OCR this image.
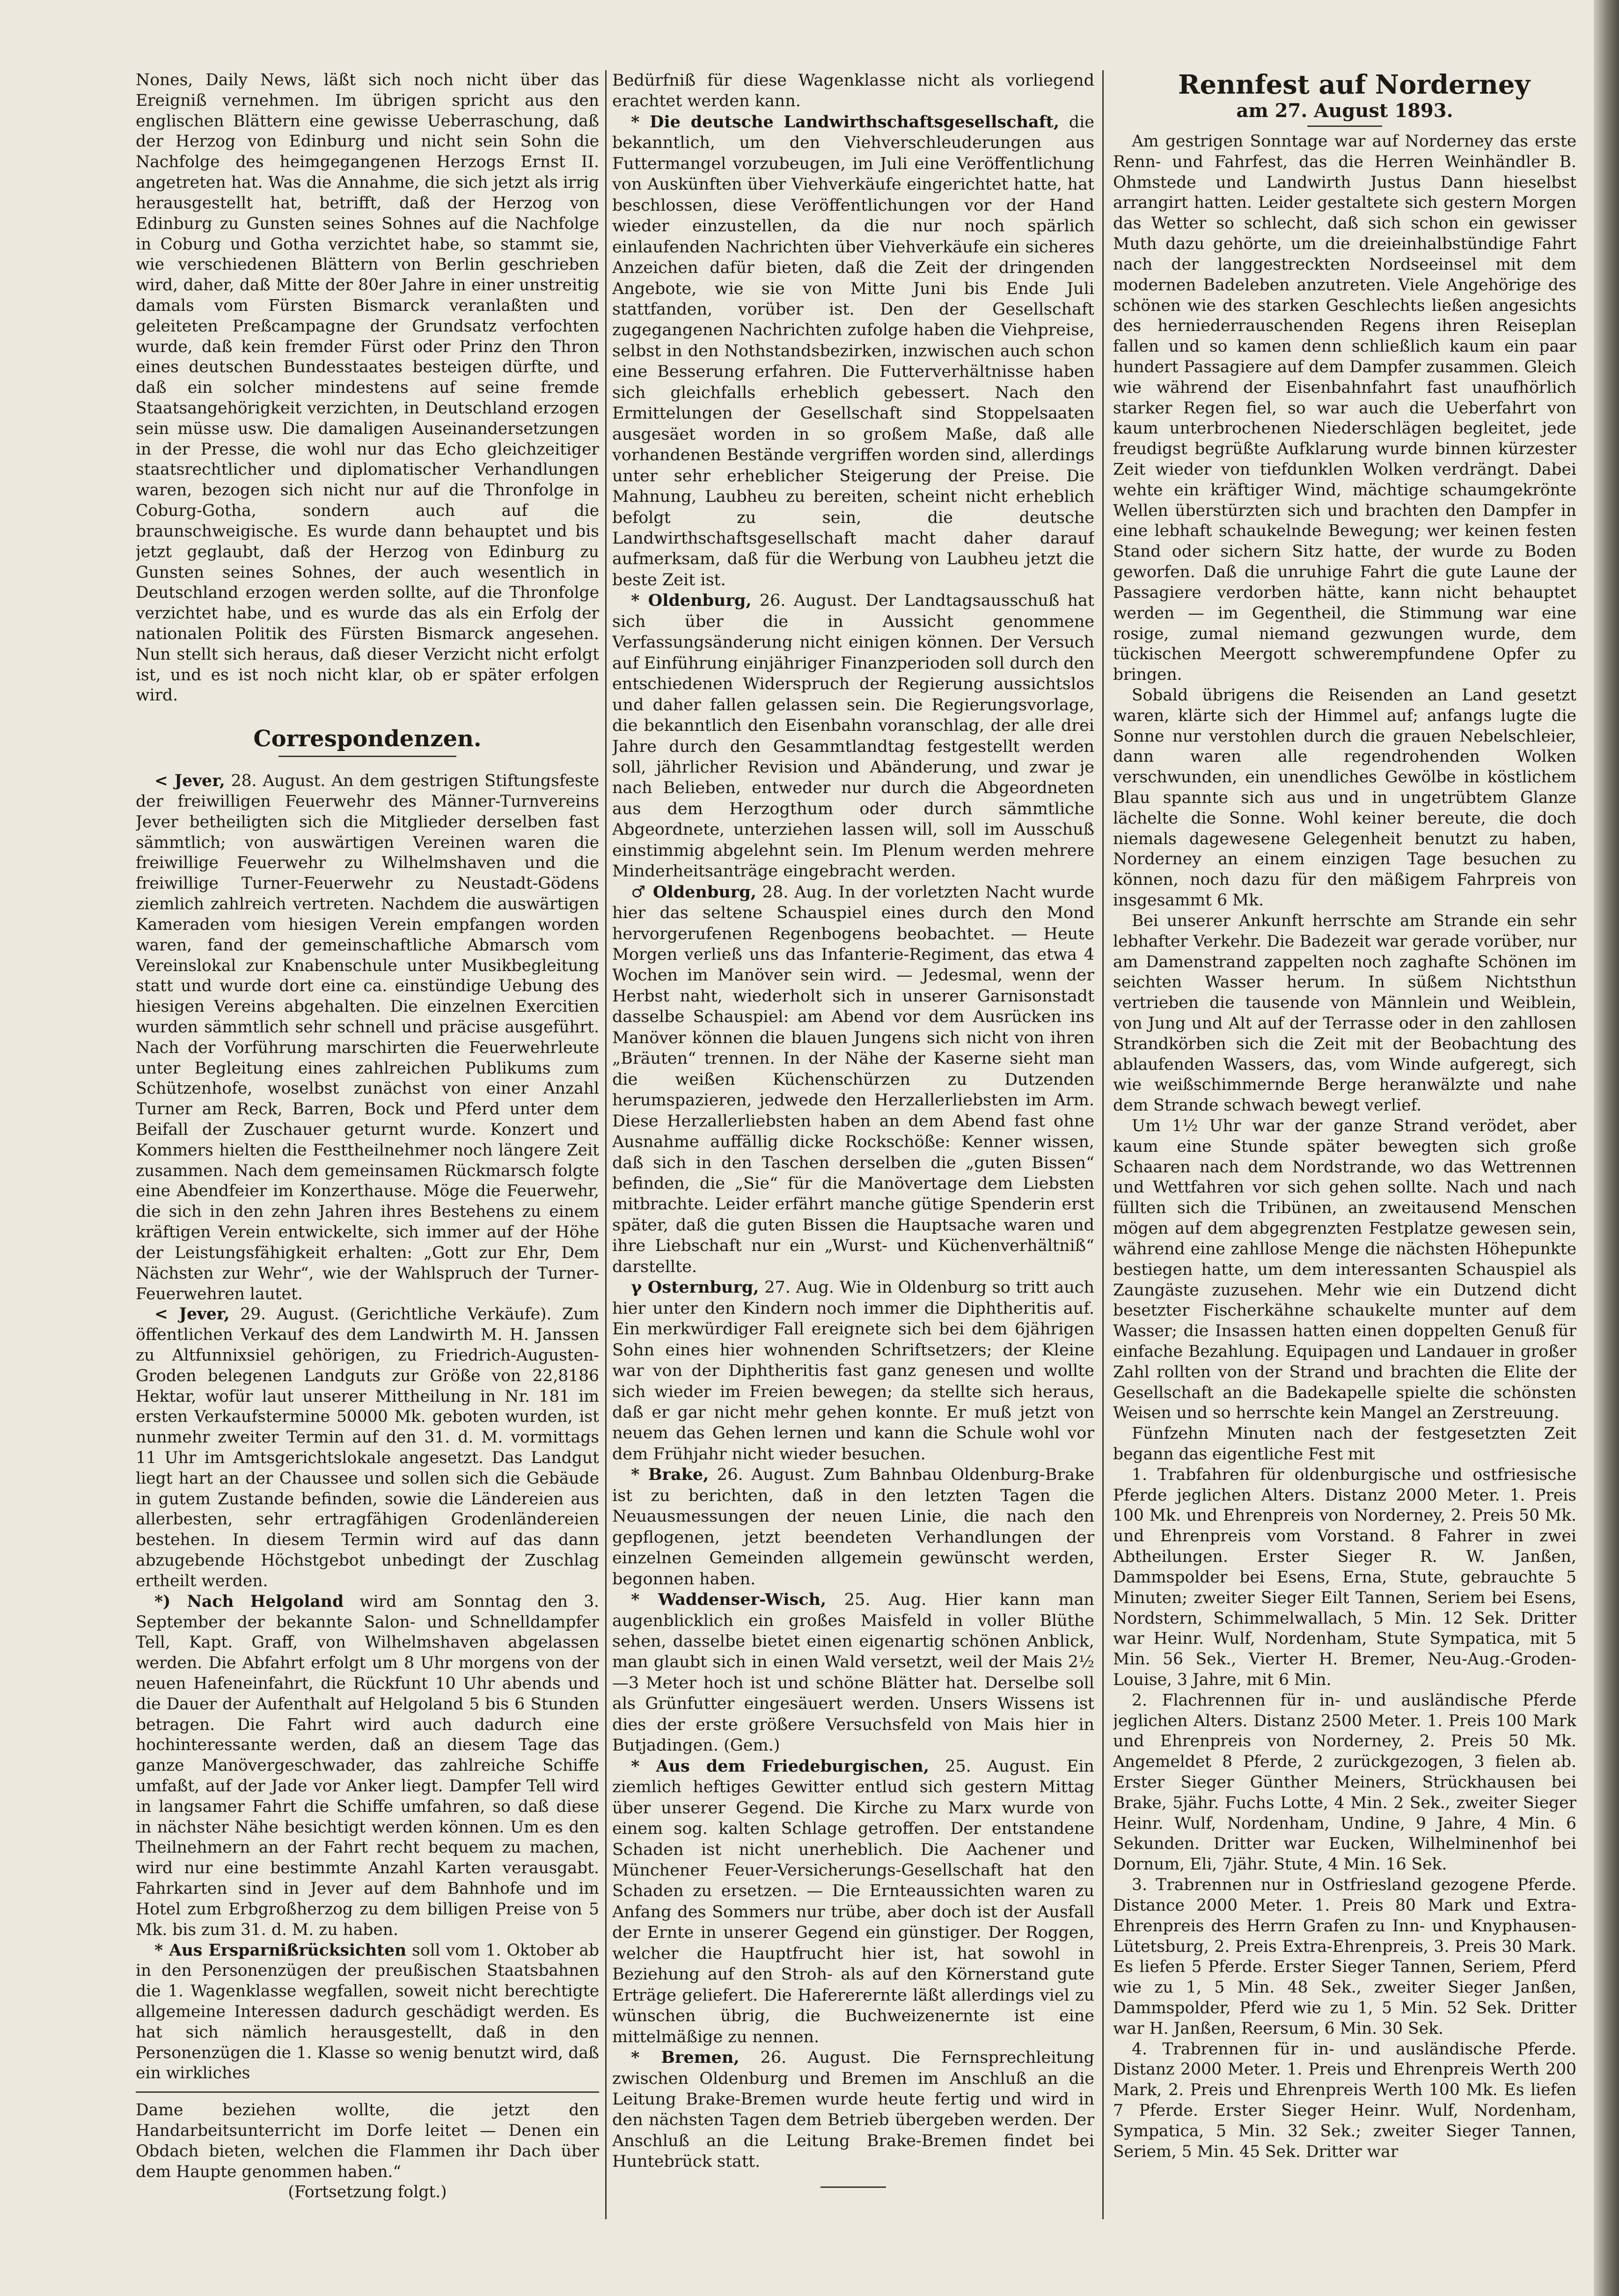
Nones, Daily News, läßt sich noch nicht über das Ereigniß vernehmen. Im übrigen spricht aus den englischen Blättern eine gewisse Ueberraschung, daß der Herzog von Edinburg und nicht sein Sohn die Nachfolge des heimgegangenen Herzogs Ernst II. angetreten hat. Was die Annahme, die sich jetzt als irrig herausgestellt hat, betrifft, daß der Herzog von Edinburg zu Gunsten seines Sohnes auf die Nachfolge in Coburg und Gotha verzichtet habe, so stammt sie, wie verschiedenen Blättern von Berlin geschrieben wird, daher, daß Mitte der 80er Jahre in einer unstreitig damals vom Fürsten Bismarck veranlaßten und geleiteten Preßcampagne der Grundsatz verfochten wurde, daß kein fremder Fürst oder Prinz den Thron eines deutschen Bundesstaates besteigen dürfte, und daß ein solcher mindestens auf seine fremde Staatsangehörigkeit verzichten, in Deutschland erzogen sein müsse usw. Die damaligen Auseinandersetzungen in der Presse, die wohl nur das Echo gleichzeitiger staatsrechtlicher und diplomatischer Verhandlungen waren, bezogen sich nicht nur auf die Thronfolge in Coburg-Gotha, sondern auch auf die braunschweigische. Es wurde dann behauptet und bis jetzt geglaubt, daß der Herzog von Edinburg zu Gunsten seines Sohnes, der auch wesentlich in Deutschland erzogen werden sollte, auf die Thronfolge verzichtet habe, und es wurde das als ein Erfolg der nationalen Politik des Fürsten Bismarck angesehen. Nun stellt sich heraus, daß dieser Verzicht nicht erfolgt ist, und es ist noch nicht klar, ob er später erfolgen wird.

Correspondenzen.

< Jever, 28. August. An dem gestrigen Stiftungsfeste der freiwilligen Feuerwehr des Männer-Turnvereins Jever betheiligten sich die Mitglieder derselben fast sämmtlich; von auswärtigen Vereinen waren die freiwillige Feuerwehr zu Wilhelmshaven und die freiwillige Turner-Feuerwehr zu Neustadt-Gödens ziemlich zahlreich vertreten. Nachdem die auswärtigen Kameraden vom hiesigen Verein empfangen worden waren, fand der gemeinschaftliche Abmarsch vom Vereinslokal zur Knabenschule unter Musikbegleitung statt und wurde dort eine ca. einstündige Uebung des hiesigen Vereins abgehalten. Die einzelnen Exercitien wurden sämmtlich sehr schnell und präcise ausgeführt. Nach der Vorführung marschirten die Feuerwehrleute unter Begleitung eines zahlreichen Publikums zum Schützenhofe, woselbst zunächst von einer Anzahl Turner am Reck, Barren, Bock und Pferd unter dem Beifall der Zuschauer geturnt wurde. Konzert und Kommers hielten die Festtheilnehmer noch längere Zeit zusammen. Nach dem gemeinsamen Rückmarsch folgte eine Abendfeier im Konzerthause. Möge die Feuerwehr, die sich in den zehn Jahren ihres Bestehens zu einem kräftigen Verein entwickelte, sich immer auf der Höhe der Leistungsfähigkeit erhalten: „Gott zur Ehr, Dem Nächsten zur Wehr“, wie der Wahlspruch der Turner-Feuerwehren lautet.

< Jever, 29. August. (Gerichtliche Verkäufe). Zum öffentlichen Verkauf des dem Landwirth M. H. Janssen zu Altfunnixsiel gehörigen, zu Friedrich-Augusten-Groden belegenen Landguts zur Größe von 22,8186 Hektar, wofür laut unserer Mittheilung in Nr. 181 im ersten Verkaufstermine 50000 Mk. geboten wurden, ist nunmehr zweiter Termin auf den 31. d. M. vormittags 11 Uhr im Amtsgerichtslokale angesetzt. Das Landgut liegt hart an der Chaussee und sollen sich die Gebäude in gutem Zustande befinden, sowie die Ländereien aus allerbesten, sehr ertragfähigen Grodenländereien bestehen. In diesem Termin wird auf das dann abzugebende Höchstgebot unbedingt der Zuschlag ertheilt werden.

*) Nach Helgoland wird am Sonntag den 3. September der bekannte Salon- und Schnelldampfer Tell, Kapt. Graff, von Wilhelmshaven abgelassen werden. Die Abfahrt erfolgt um 8 Uhr morgens von der neuen Hafeneinfahrt, die Rückfunt 10 Uhr abends und die Dauer der Aufenthalt auf Helgoland 5 bis 6 Stunden betragen. Die Fahrt wird auch dadurch eine hochinteressante werden, daß an diesem Tage das ganze Manövergeschwader, das zahlreiche Schiffe umfaßt, auf der Jade vor Anker liegt. Dampfer Tell wird in langsamer Fahrt die Schiffe umfahren, so daß diese in nächster Nähe besichtigt werden können. Um es den Theilnehmern an der Fahrt recht bequem zu machen, wird nur eine bestimmte Anzahl Karten verausgabt. Fahrkarten sind in Jever auf dem Bahnhofe und im Hotel zum Erbgroßherzog zu dem billigen Preise von 5 Mk. bis zum 31. d. M. zu haben.

* Aus Ersparnißrücksichten soll vom 1. Oktober ab in den Personenzügen der preußischen Staatsbahnen die 1. Wagenklasse wegfallen, soweit nicht berechtigte allgemeine Interessen dadurch geschädigt werden. Es hat sich nämlich herausgestellt, daß in den Personenzügen die 1. Klasse so wenig benutzt wird, daß ein wirkliches

Dame beziehen wollte, die jetzt den Handarbeitsunterricht im Dorfe leitet — Denen ein Obdach bieten, welchen die Flammen ihr Dach über dem Haupte genommen haben.“

(Fortsetzung folgt.)

Bedürfniß für diese Wagenklasse nicht als vorliegend erachtet werden kann.

* Die deutsche Landwirthschaftsgesellschaft, die bekanntlich, um den Viehverschleuderungen aus Futtermangel vorzubeugen, im Juli eine Veröffentlichung von Auskünften über Viehverkäufe eingerichtet hatte, hat beschlossen, diese Veröffentlichungen vor der Hand wieder einzustellen, da die nur noch spärlich einlaufenden Nachrichten über Viehverkäufe ein sicheres Anzeichen dafür bieten, daß die Zeit der dringenden Angebote, wie sie von Mitte Juni bis Ende Juli stattfanden, vorüber ist. Den der Gesellschaft zugegangenen Nachrichten zufolge haben die Viehpreise, selbst in den Nothstandsbezirken, inzwischen auch schon eine Besserung erfahren. Die Futterverhältnisse haben sich gleichfalls erheblich gebessert. Nach den Ermittelungen der Gesellschaft sind Stoppelsaaten ausgesäet worden in so großem Maße, daß alle vorhandenen Bestände vergriffen worden sind, allerdings unter sehr erheblicher Steigerung der Preise. Die Mahnung, Laubheu zu bereiten, scheint nicht erheblich befolgt zu sein, die deutsche Landwirthschaftsgesellschaft macht daher darauf aufmerksam, daß für die Werbung von Laubheu jetzt die beste Zeit ist.

* Oldenburg, 26. August. Der Landtagsausschuß hat sich über die in Aussicht genommene Verfassungsänderung nicht einigen können. Der Versuch auf Einführung einjähriger Finanzperioden soll durch den entschiedenen Widerspruch der Regierung aussichtslos und daher fallen gelassen sein. Die Regierungsvorlage, die bekanntlich den Eisenbahn voranschlag, der alle drei Jahre durch den Gesammtlandtag festgestellt werden soll, jährlicher Revision und Abänderung, und zwar je nach Belieben, entweder nur durch die Abgeordneten aus dem Herzogthum oder durch sämmtliche Abgeordnete, unterziehen lassen will, soll im Ausschuß einstimmig abgelehnt sein. Im Plenum werden mehrere Minderheitsanträge eingebracht werden.

♂ Oldenburg, 28. Aug. In der vorletzten Nacht wurde hier das seltene Schauspiel eines durch den Mond hervorgerufenen Regenbogens beobachtet. — Heute Morgen verließ uns das Infanterie-Regiment, das etwa 4 Wochen im Manöver sein wird. — Jedesmal, wenn der Herbst naht, wiederholt sich in unserer Garnisonstadt dasselbe Schauspiel: am Abend vor dem Ausrücken ins Manöver können die blauen Jungens sich nicht von ihren „Bräuten“ trennen. In der Nähe der Kaserne sieht man die weißen Küchenschürzen zu Dutzenden herumspazieren, jedwede den Herzallerliebsten im Arm. Diese Herzallerliebsten haben an dem Abend fast ohne Ausnahme auffällig dicke Rockschöße: Kenner wissen, daß sich in den Taschen derselben die „guten Bissen“ befinden, die „Sie“ für die Manövertage dem Liebsten mitbrachte. Leider erfährt manche gütige Spenderin erst später, daß die guten Bissen die Hauptsache waren und ihre Liebschaft nur ein „Wurst- und Küchenverhältniß“ darstellte.

γ Osternburg, 27. Aug. Wie in Oldenburg so tritt auch hier unter den Kindern noch immer die Diphtheritis auf. Ein merkwürdiger Fall ereignete sich bei dem 6jährigen Sohn eines hier wohnenden Schriftsetzers; der Kleine war von der Diphtheritis fast ganz genesen und wollte sich wieder im Freien bewegen; da stellte sich heraus, daß er gar nicht mehr gehen konnte. Er muß jetzt von neuem das Gehen lernen und kann die Schule wohl vor dem Frühjahr nicht wieder besuchen.

* Brake, 26. August. Zum Bahnbau Oldenburg-Brake ist zu berichten, daß in den letzten Tagen die Neuausmessungen der neuen Linie, die nach den gepflogenen, jetzt beendeten Verhandlungen der einzelnen Gemeinden allgemein gewünscht werden, begonnen haben.

* Waddenser-Wisch, 25. Aug. Hier kann man augenblicklich ein großes Maisfeld in voller Blüthe sehen, dasselbe bietet einen eigenartig schönen Anblick, man glaubt sich in einen Wald versetzt, weil der Mais 2½—3 Meter hoch ist und schöne Blätter hat. Derselbe soll als Grünfutter eingesäuert werden. Unsers Wissens ist dies der erste größere Versuchsfeld von Mais hier in Butjadingen. (Gem.)

* Aus dem Friedeburgischen, 25. August. Ein ziemlich heftiges Gewitter entlud sich gestern Mittag über unserer Gegend. Die Kirche zu Marx wurde von einem sog. kalten Schlage getroffen. Der entstandene Schaden ist nicht unerheblich. Die Aachener und Münchener Feuer-Versicherungs-Gesellschaft hat den Schaden zu ersetzen. — Die Ernteaussichten waren zu Anfang des Sommers nur trübe, aber doch ist der Ausfall der Ernte in unserer Gegend ein günstiger. Der Roggen, welcher die Hauptfrucht hier ist, hat sowohl in Beziehung auf den Stroh- als auf den Körnerstand gute Erträge geliefert. Die Hafererernte läßt allerdings viel zu wünschen übrig, die Buchweizenernte ist eine mittelmäßige zu nennen.

* Bremen, 26. August. Die Fernsprechleitung zwischen Oldenburg und Bremen im Anschluß an die Leitung Brake-Bremen wurde heute fertig und wird in den nächsten Tagen dem Betrieb übergeben werden. Der Anschluß an die Leitung Brake-Bremen findet bei Huntebrück statt.

Rennfest auf Norderney

am 27. August 1893.

Am gestrigen Sonntage war auf Norderney das erste Renn- und Fahrfest, das die Herren Weinhändler B. Ohmstede und Landwirth Justus Dann hieselbst arrangirt hatten. Leider gestaltete sich gestern Morgen das Wetter so schlecht, daß sich schon ein gewisser Muth dazu gehörte, um die dreieinhalbstündige Fahrt nach der langgestreckten Nordseeinsel mit dem modernen Badeleben anzutreten. Viele Angehörige des schönen wie des starken Geschlechts ließen angesichts des herniederrauschenden Regens ihren Reiseplan fallen und so kamen denn schließlich kaum ein paar hundert Passagiere auf dem Dampfer zusammen. Gleich wie während der Eisenbahnfahrt fast unaufhörlich starker Regen fiel, so war auch die Ueberfahrt von kaum unterbrochenen Niederschlägen begleitet, jede freudigst begrüßte Aufklarung wurde binnen kürzester Zeit wieder von tiefdunklen Wolken verdrängt. Dabei wehte ein kräftiger Wind, mächtige schaumgekrönte Wellen überstürzten sich und brachten den Dampfer in eine lebhaft schaukelnde Bewegung; wer keinen festen Stand oder sichern Sitz hatte, der wurde zu Boden geworfen. Daß die unruhige Fahrt die gute Laune der Passagiere verdorben hätte, kann nicht behauptet werden — im Gegentheil, die Stimmung war eine rosige, zumal niemand gezwungen wurde, dem tückischen Meergott schwerempfundene Opfer zu bringen.

Sobald übrigens die Reisenden an Land gesetzt waren, klärte sich der Himmel auf; anfangs lugte die Sonne nur verstohlen durch die grauen Nebelschleier, dann waren alle regendrohenden Wolken verschwunden, ein unendliches Gewölbe in köstlichem Blau spannte sich aus und in ungetrübtem Glanze lächelte die Sonne. Wohl keiner bereute, die doch niemals dagewesene Gelegenheit benutzt zu haben, Norderney an einem einzigen Tage besuchen zu können, noch dazu für den mäßigem Fahrpreis von insgesammt 6 Mk.

Bei unserer Ankunft herrschte am Strande ein sehr lebhafter Verkehr. Die Badezeit war gerade vorüber, nur am Damenstrand zappelten noch zaghafte Schönen im seichten Wasser herum. In süßem Nichtsthun vertrieben die tausende von Männlein und Weiblein, von Jung und Alt auf der Terrasse oder in den zahllosen Strandkörben sich die Zeit mit der Beobachtung des ablaufenden Wassers, das, vom Winde aufgeregt, sich wie weißschimmernde Berge heranwälzte und nahe dem Strande schwach bewegt verlief.

Um 1½ Uhr war der ganze Strand verödet, aber kaum eine Stunde später bewegten sich große Schaaren nach dem Nordstrande, wo das Wettrennen und Wettfahren vor sich gehen sollte. Nach und nach füllten sich die Tribünen, an zweitausend Menschen mögen auf dem abgegrenzten Festplatze gewesen sein, während eine zahllose Menge die nächsten Höhepunkte bestiegen hatte, um dem interessanten Schauspiel als Zaungäste zuzusehen. Mehr wie ein Dutzend dicht besetzter Fischerkähne schaukelte munter auf dem Wasser; die Insassen hatten einen doppelten Genuß für einfache Bezahlung. Equipagen und Landauer in großer Zahl rollten von der Strand und brachten die Elite der Gesellschaft an die Badekapelle spielte die schönsten Weisen und so herrschte kein Mangel an Zerstreuung.

Fünfzehn Minuten nach der festgesetzten Zeit begann das eigentliche Fest mit

1. Trabfahren für oldenburgische und ostfriesische Pferde jeglichen Alters. Distanz 2000 Meter. 1. Preis 100 Mk. und Ehrenpreis von Norderney, 2. Preis 50 Mk. und Ehrenpreis vom Vorstand. 8 Fahrer in zwei Abtheilungen. Erster Sieger R. W. Janßen, Dammspolder bei Esens, Erna, Stute, gebrauchte 5 Minuten; zweiter Sieger Eilt Tannen, Seriem bei Esens, Nordstern, Schimmelwallach, 5 Min. 12 Sek. Dritter war Heinr. Wulf, Nordenham, Stute Sympatica, mit 5 Min. 56 Sek., Vierter H. Bremer, Neu-Aug.-Groden-Louise, 3 Jahre, mit 6 Min.

2. Flachrennen für in- und ausländische Pferde jeglichen Alters. Distanz 2500 Meter. 1. Preis 100 Mark und Ehrenpreis von Norderney, 2. Preis 50 Mk. Angemeldet 8 Pferde, 2 zurückgezogen, 3 fielen ab. Erster Sieger Günther Meiners, Strückhausen bei Brake, 5jähr. Fuchs Lotte, 4 Min. 2 Sek., zweiter Sieger Heinr. Wulf, Nordenham, Undine, 9 Jahre, 4 Min. 6 Sekunden. Dritter war Eucken, Wilhelminenhof bei Dornum, Eli, 7jähr. Stute, 4 Min. 16 Sek.

3. Trabrennen nur in Ostfriesland gezogene Pferde. Distance 2000 Meter. 1. Preis 80 Mark und Extra-Ehrenpreis des Herrn Grafen zu Inn- und Knyphausen-Lütetsburg, 2. Preis Extra-Ehrenpreis, 3. Preis 30 Mark. Es liefen 5 Pferde. Erster Sieger Tannen, Seriem, Pferd wie zu 1, 5 Min. 48 Sek., zweiter Sieger Janßen, Dammspolder, Pferd wie zu 1, 5 Min. 52 Sek. Dritter war H. Janßen, Reersum, 6 Min. 30 Sek.

4. Trabrennen für in- und ausländische Pferde. Distanz 2000 Meter. 1. Preis und Ehrenpreis Werth 200 Mark, 2. Preis und Ehrenpreis Werth 100 Mk. Es liefen 7 Pferde. Erster Sieger Heinr. Wulf, Nordenham, Sympatica, 5 Min. 32 Sek.; zweiter Sieger Tannen, Seriem, 5 Min. 45 Sek. Dritter war
